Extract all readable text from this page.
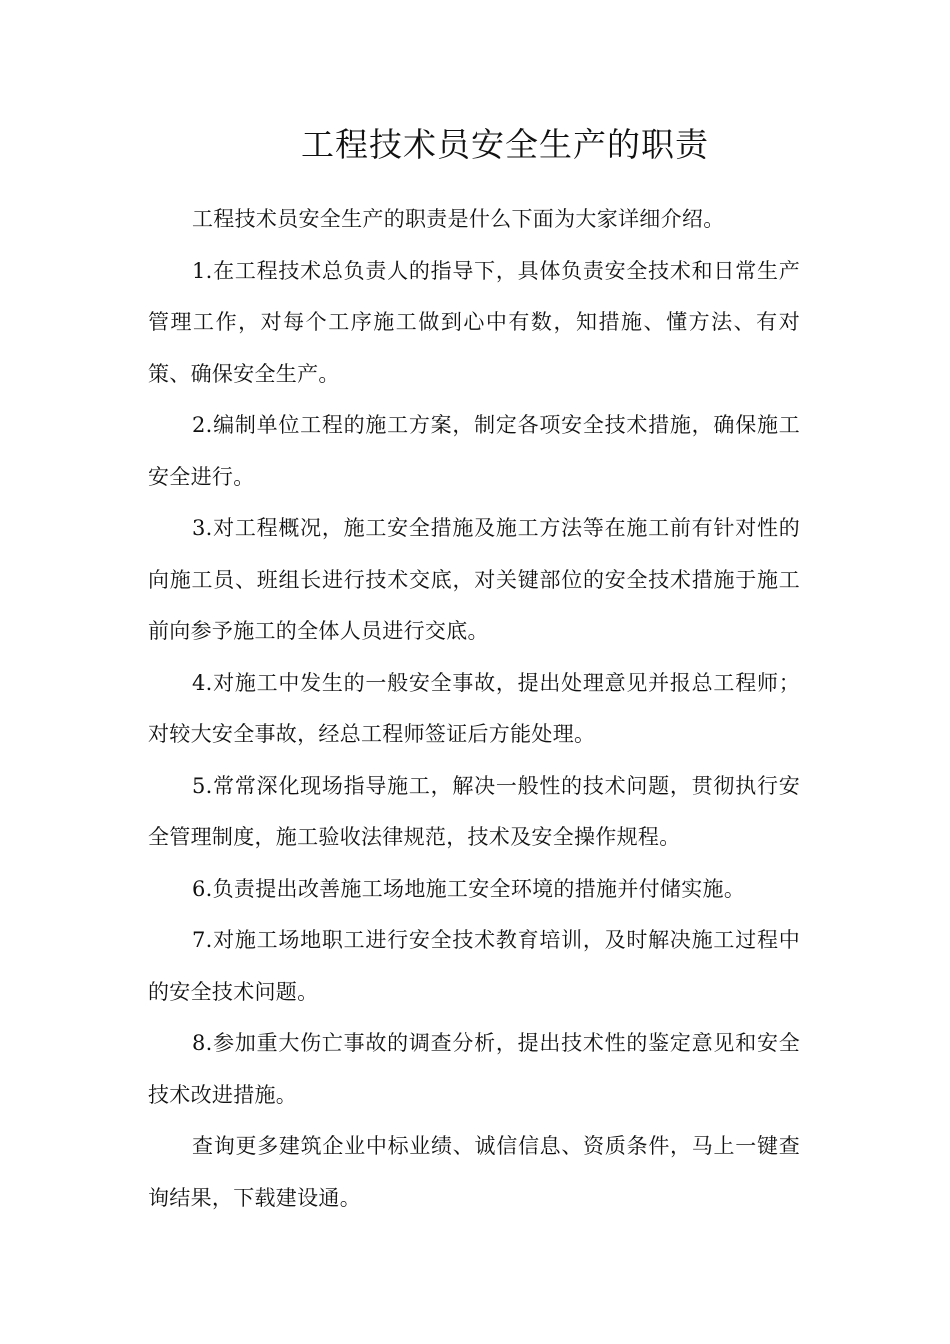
工程技术员安全生产的职责

工程技术员安全生产的职责是什么下面为大家详细介绍。

1.在工程技术总负责人的指导下，具体负责安全技术和日常生产管理工作，对每个工序施工做到心中有数，知措施、懂方法、有对策、确保安全生产。

2.编制单位工程的施工方案，制定各项安全技术措施，确保施工安全进行。

3.对工程概况，施工安全措施及施工方法等在施工前有针对性的向施工员、班组长进行技术交底，对关键部位的安全技术措施于施工前向参予施工的全体人员进行交底。

4.对施工中发生的一般安全事故，提出处理意见并报总工程师；对较大安全事故，经总工程师签证后方能处理。

5.常常深化现场指导施工，解决一般性的技术问题，贯彻执行安全管理制度，施工验收法律规范，技术及安全操作规程。

6.负责提出改善施工场地施工安全环境的措施并付储实施。

7.对施工场地职工进行安全技术教育培训，及时解决施工过程中的安全技术问题。

8.参加重大伤亡事故的调查分析，提出技术性的鉴定意见和安全技术改进措施。

查询更多建筑企业中标业绩、诚信信息、资质条件，马上一键查询结果，下载建设通。
